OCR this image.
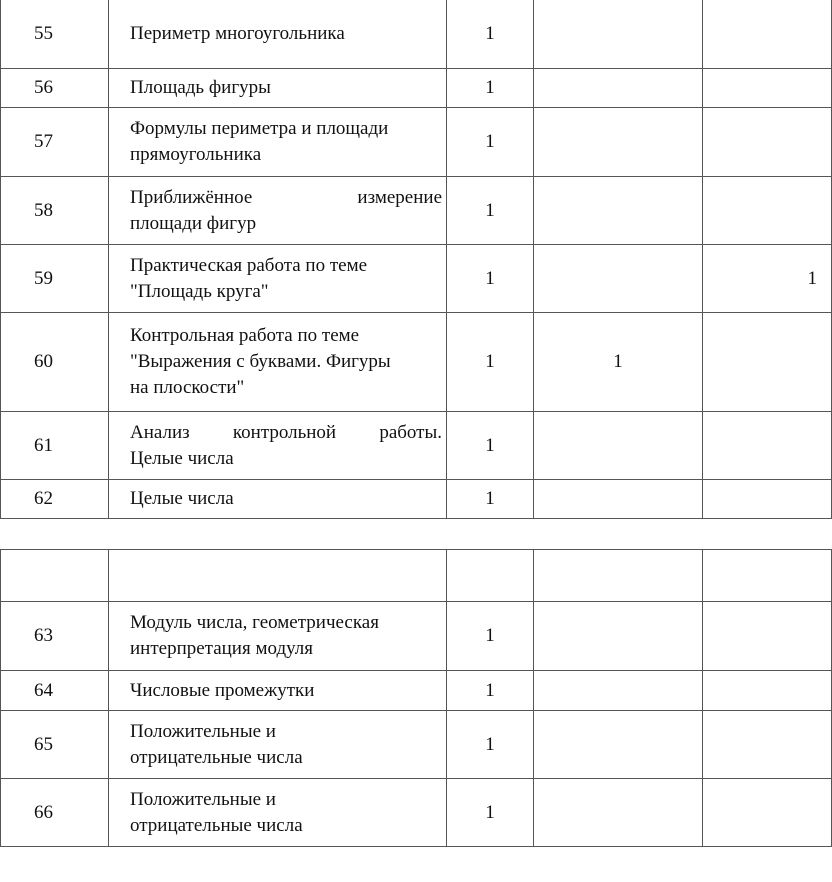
55	Периметр многоугольника	1		
56	Площадь фигуры	1		
57	Формулы периметра и площади
прямоугольника	1		
58	Приближённое измерение
площади фигур	1		
59	Практическая работа по теме
"Площадь круга"	1		1
60	Контрольная работа по теме
"Выражения с буквами. Фигуры
на плоскости"	1	1	
61	Анализ контрольной работы.
Целые числа	1		
62	Целые числа	1		

63	Модуль числа, геометрическая
интерпретация модуля	1		
64	Числовые промежутки	1		
65	Положительные и
отрицательные числа	1		
66	Положительные и
отрицательные числа	1		
